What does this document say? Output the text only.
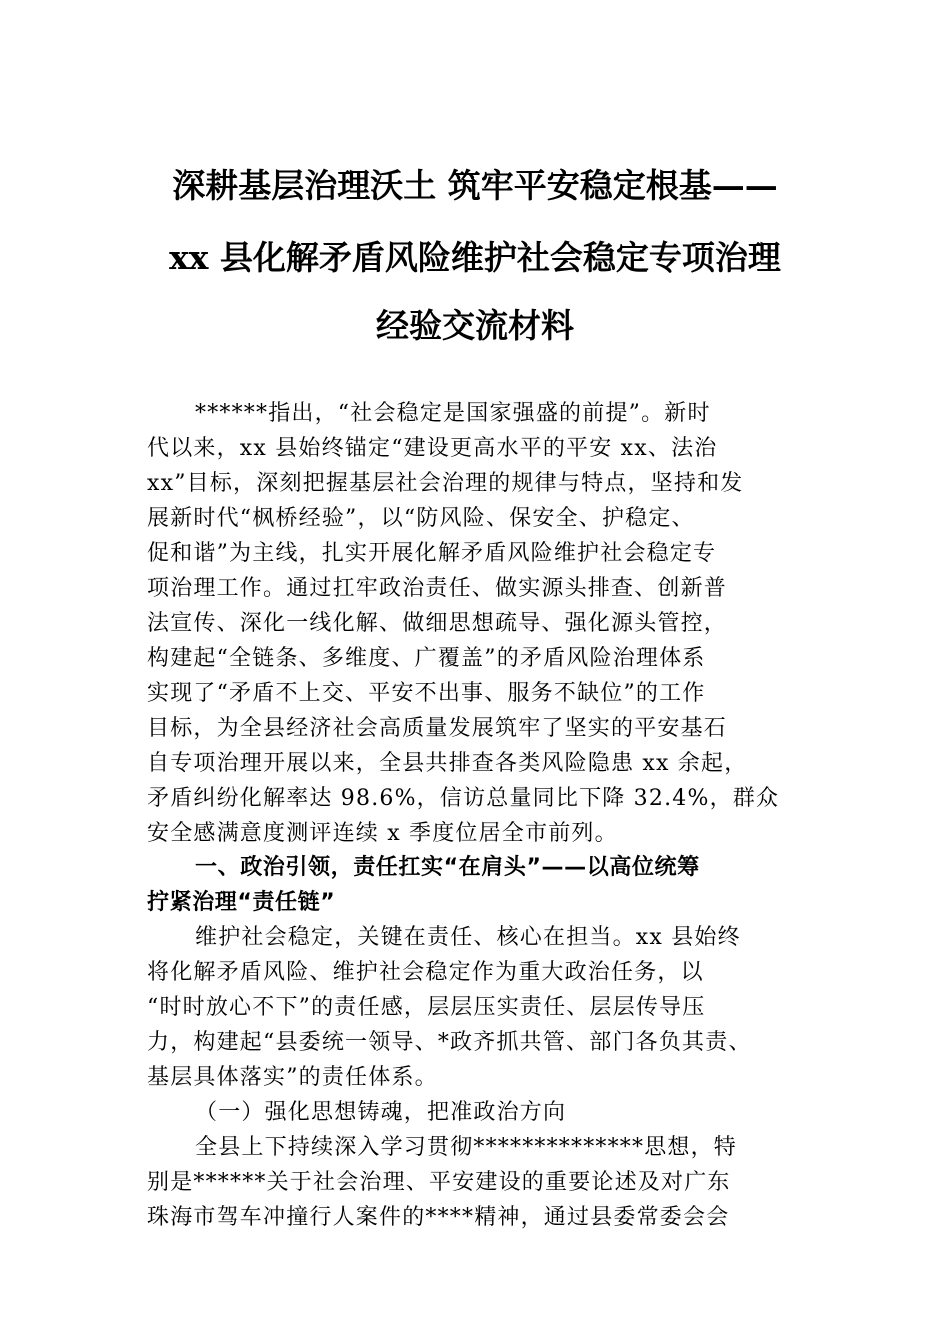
深耕基层治理沃土 筑牢平安稳定根基——
xx 县化解矛盾风险维护社会稳定专项治理
经验交流材料
******指出，“社会稳定是国家强盛的前提”。新时
代以来，xx 县始终锚定“建设更高水平的平安 xx、法治
xx”目标，深刻把握基层社会治理的规律与特点，坚持和发
展新时代“枫桥经验”，以“防风险、保安全、护稳定、
促和谐”为主线，扎实开展化解矛盾风险维护社会稳定专
项治理工作。通过扛牢政治责任、做实源头排查、创新普
法宣传、深化一线化解、做细思想疏导、强化源头管控，
构建起“全链条、多维度、广覆盖”的矛盾风险治理体系
实现了“矛盾不上交、平安不出事、服务不缺位”的工作
目标，为全县经济社会高质量发展筑牢了坚实的平安基石
自专项治理开展以来，全县共排查各类风险隐患 xx 余起，
矛盾纠纷化解率达 98.6%，信访总量同比下降 32.4%，群众
安全感满意度测评连续 x 季度位居全市前列。
一、政治引领，责任扛实“在肩头”——以高位统筹
拧紧治理“责任链”
维护社会稳定，关键在责任、核心在担当。xx 县始终
将化解矛盾风险、维护社会稳定作为重大政治任务，以
“时时放心不下”的责任感，层层压实责任、层层传导压
力，构建起“县委统一领导、*政齐抓共管、部门各负其责、
基层具体落实”的责任体系。
（一）强化思想铸魂，把准政治方向
全县上下持续深入学习贯彻**************思想，特
别是******关于社会治理、平安建设的重要论述及对广东
珠海市驾车冲撞行人案件的****精神，通过县委常委会会
